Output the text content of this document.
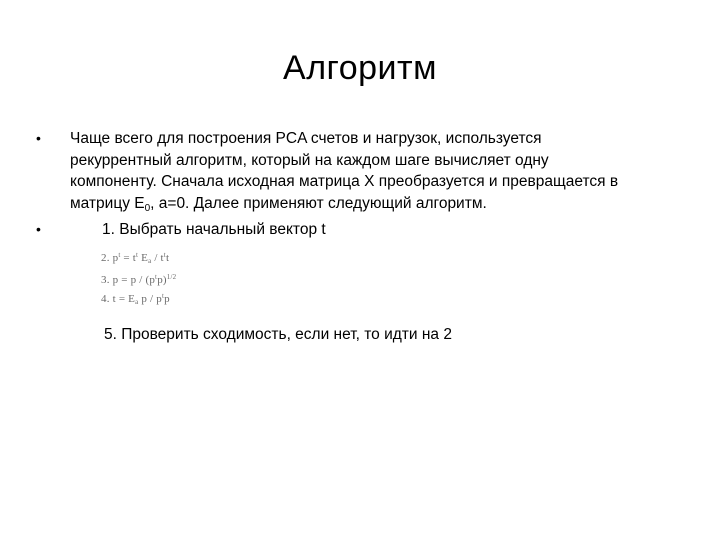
Алгоритм
• Чаще всего для построения PCA счетов и нагрузок, используется
рекуррентный алгоритм, который на каждом шаге вычисляет одну
компоненту. Сначала исходная матрица X преобразуется и превращается в
матрицу $E_0$, a=0. Далее применяют следующий алгоритм.
•	1. Выбрать начальный вектор t
2. $p^t = t^t$ Ea / $t^tt$
3. $p = p / (p^tp)^{1/2}$
4. t = Ea p / $p^tp$
5. Проверить сходимость, если нет, то идти на 2
